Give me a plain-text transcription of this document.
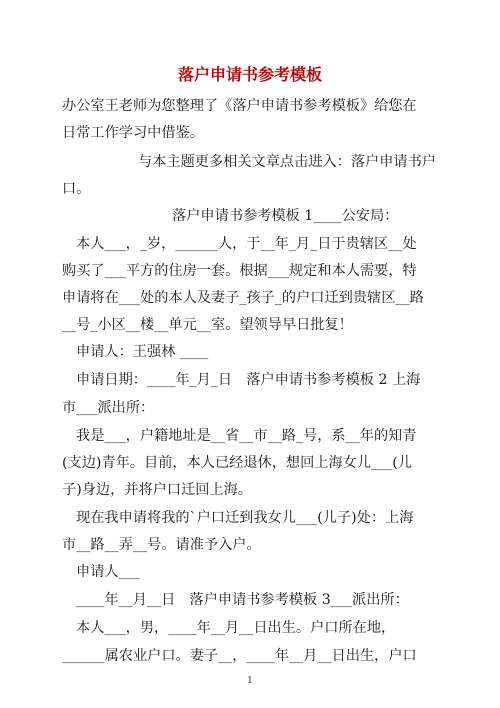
落户申请书参考模板
办公室王老师为您整理了《落户申请书参考模板》给您在
日常工作学习中借鉴。
与本主题更多相关文章点击进入：落户申请书户
口。
落户申请书参考模板 1____公安局：
本人___，_岁，______人，于__年_月_日于贵辖区__处
购买了___平方的住房一套。根据___规定和本人需要，特
申请将在___处的本人及妻子_孩子_的户口迁到贵辖区__路
__号_小区__楼__单元__室。望领导早日批复！
申请人：王强林 ____
申请日期：____年_月_日　落户申请书参考模板 2 上海
市___派出所：
我是___，户籍地址是__省__市__路_号，系__年的知青
(支边)青年。目前，本人已经退休，想回上海女儿___(儿
子)身边，并将户口迁回上海。
现在我申请将我的`户口迁到我女儿___(儿子)处：上海
市__路__弄__号。请准予入户。
申请人___
____年__月__日　落户申请书参考模板 3___派出所：
本人___，男，____年__月__日出生。户口所在地，
______属农业户口。妻子__，____年__月__日出生，户口
1
